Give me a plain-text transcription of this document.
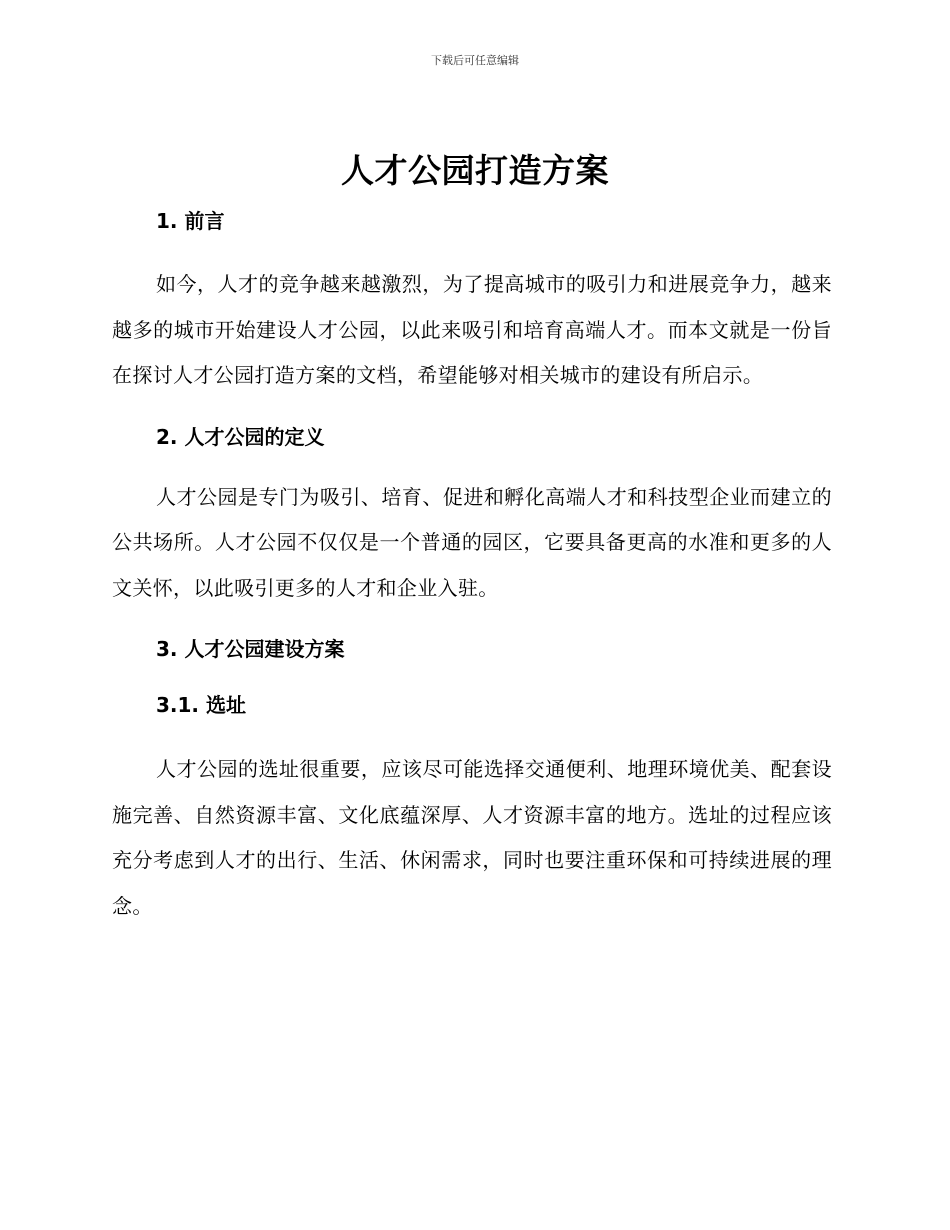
下载后可任意编辑
人才公园打造方案
1. 前言

如今，人才的竞争越来越激烈，为了提高城市的吸引力和进展竞争力，越来越多的城市开始建设人才公园，以此来吸引和培育高端人才。而本文就是一份旨在探讨人才公园打造方案的文档，希望能够对相关城市的建设有所启示。

2. 人才公园的定义

人才公园是专门为吸引、培育、促进和孵化高端人才和科技型企业而建立的公共场所。人才公园不仅仅是一个普通的园区，它要具备更高的水准和更多的人文关怀，以此吸引更多的人才和企业入驻。

3. 人才公园建设方案
3.1. 选址

人才公园的选址很重要，应该尽可能选择交通便利、地理环境优美、配套设施完善、自然资源丰富、文化底蕴深厚、人才资源丰富的地方。选址的过程应该充分考虑到人才的出行、生活、休闲需求，同时也要注重环保和可持续进展的理念。
